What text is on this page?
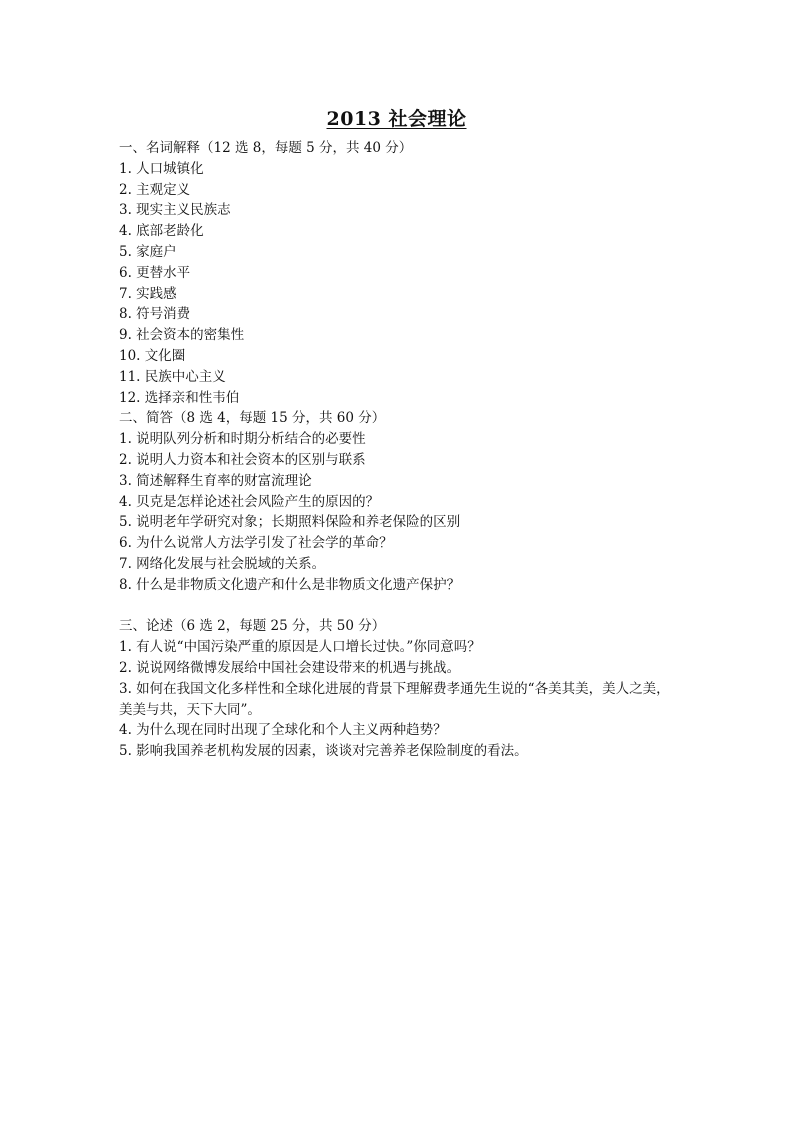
2013 社会理论

一、名词解释（12 选 8，每题 5 分，共 40 分）

1. 人口城镇化

2. 主观定义

3. 现实主义民族志

4. 底部老龄化

5. 家庭户

6. 更替水平

7. 实践感

8. 符号消费

9. 社会资本的密集性

10. 文化圈

11. 民族中心主义

12. 选择亲和性韦伯

二、简答（8 选 4，每题 15 分，共 60 分）

1. 说明队列分析和时期分析结合的必要性

2. 说明人力资本和社会资本的区别与联系

3. 简述解释生育率的财富流理论

4. 贝克是怎样论述社会风险产生的原因的？

5. 说明老年学研究对象；长期照料保险和养老保险的区别

6. 为什么说常人方法学引发了社会学的革命？

7. 网络化发展与社会脱域的关系。

8. 什么是非物质文化遗产和什么是非物质文化遗产保护？

三、论述（6 选 2，每题 25 分，共 50 分）

1. 有人说“中国污染严重的原因是人口增长过快。”你同意吗？

2. 说说网络微博发展给中国社会建设带来的机遇与挑战。

3. 如何在我国文化多样性和全球化进展的背景下理解费孝通先生说的“各美其美，美人之美，

美美与共，天下大同”。

4. 为什么现在同时出现了全球化和个人主义两种趋势？

5. 影响我国养老机构发展的因素，谈谈对完善养老保险制度的看法。
